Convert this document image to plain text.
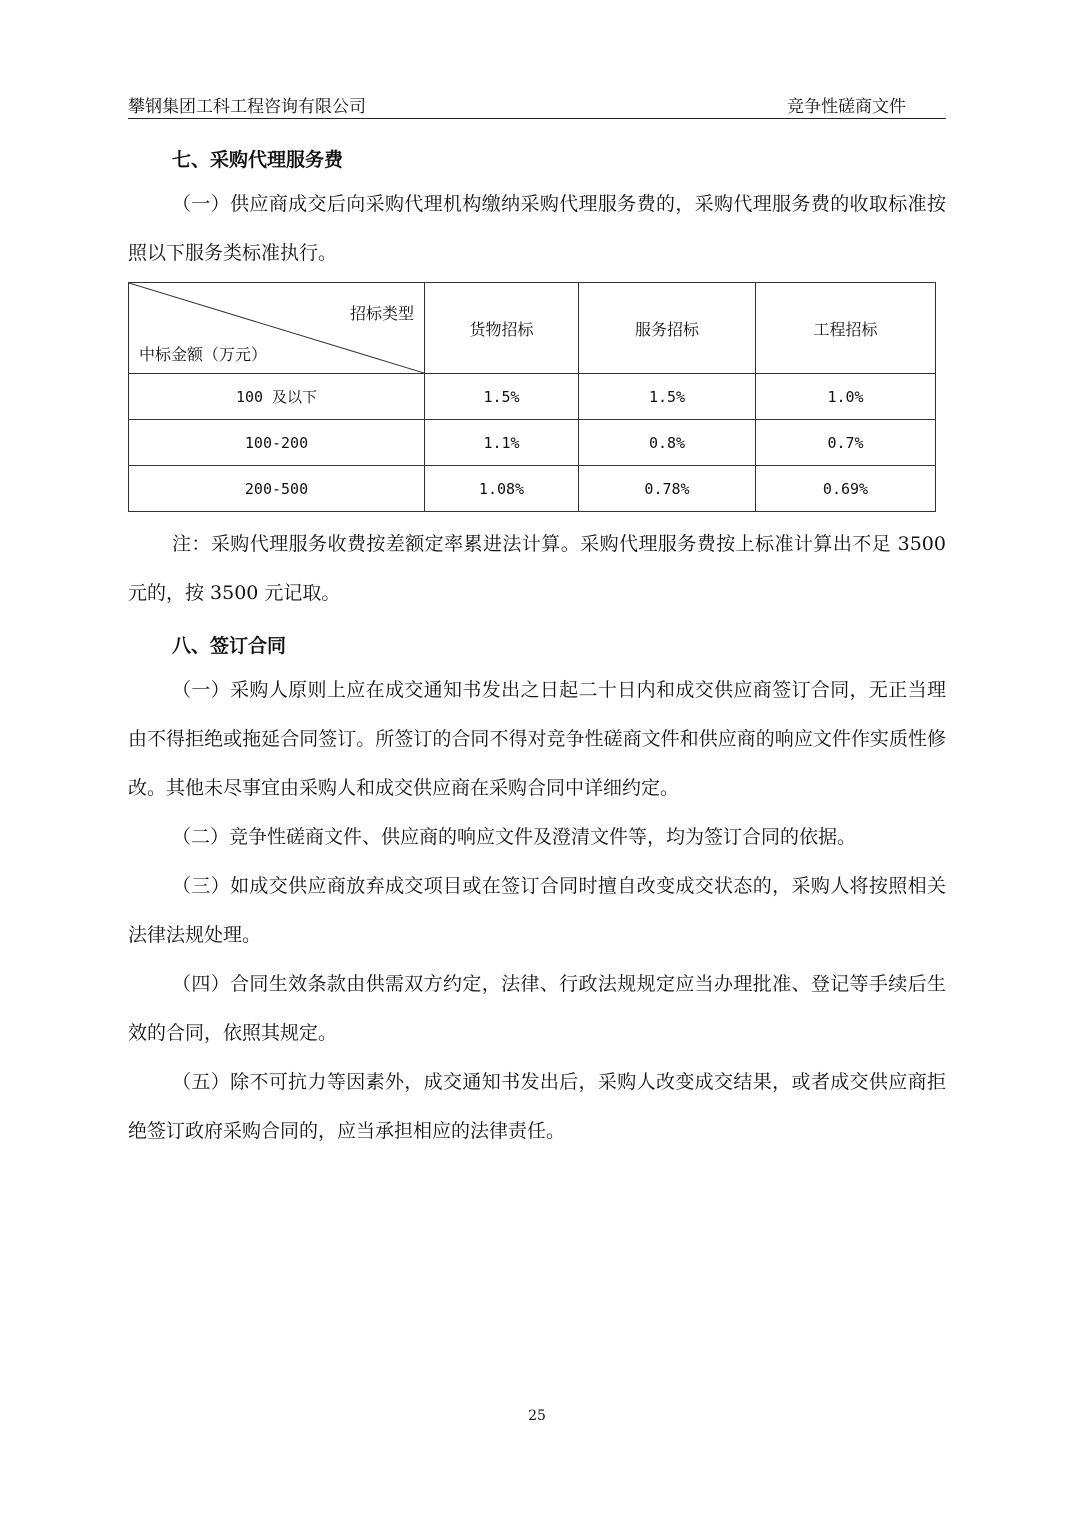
攀钢集团工科工程咨询有限公司	竞争性磋商文件
七、采购代理服务费

（一）供应商成交后向采购代理机构缴纳采购代理服务费的，采购代理服务费的收取标准按照以下服务类标准执行。

招标类型
中标金额（万元）	货物招标	服务招标	工程招标
100 及以下	1.5%	1.5%	1.0%
100-200	1.1%	0.8%	0.7%
200-500	1.08%	0.78%	0.69%

注：采购代理服务收费按差额定率累进法计算。采购代理服务费按上标准计算出不足 3500 元的，按 3500 元记取。

八、签订合同

（一）采购人原则上应在成交通知书发出之日起二十日内和成交供应商签订合同，无正当理由不得拒绝或拖延合同签订。所签订的合同不得对竞争性磋商文件和供应商的响应文件作实质性修改。其他未尽事宜由采购人和成交供应商在采购合同中详细约定。

（二）竞争性磋商文件、供应商的响应文件及澄清文件等，均为签订合同的依据。

（三）如成交供应商放弃成交项目或在签订合同时擅自改变成交状态的，采购人将按照相关法律法规处理。

（四）合同生效条款由供需双方约定，法律、行政法规规定应当办理批准、登记等手续后生效的合同，依照其规定。

（五）除不可抗力等因素外，成交通知书发出后，采购人改变成交结果，或者成交供应商拒绝签订政府采购合同的，应当承担相应的法律责任。

25
